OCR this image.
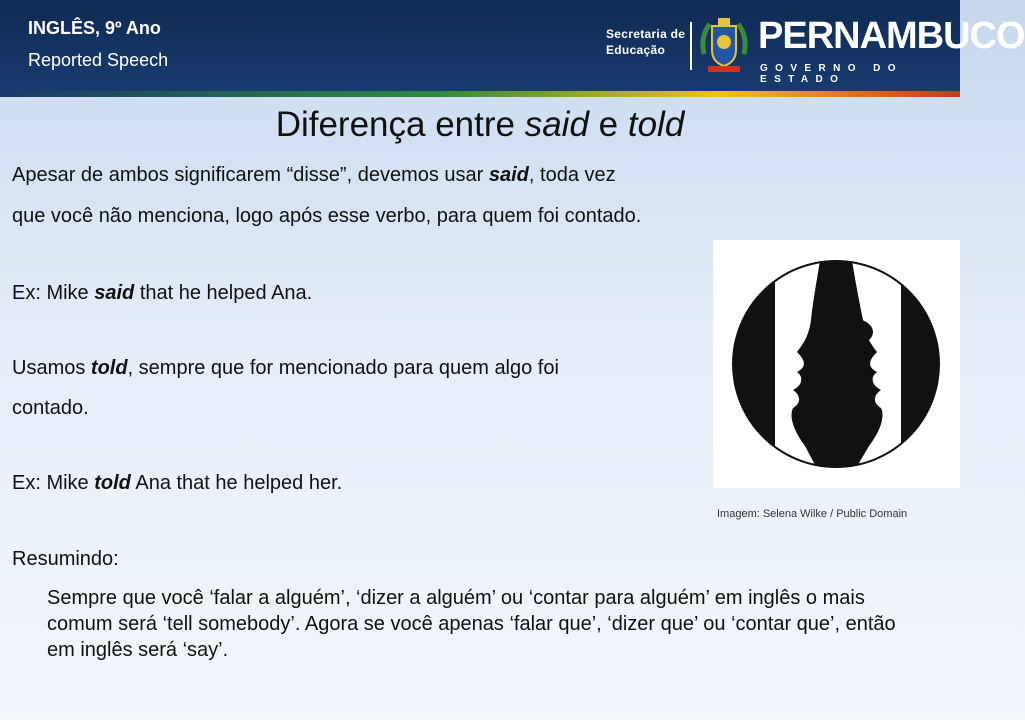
INGLÊS, 9º Ano
Reported Speech
Secretaria de
Educação	PERNAMBUCO
GOVERNO DO ESTADO
Diferença entre said e told
Apesar de ambos significarem “disse”, devemos usar said, toda vez
que você não menciona, logo após esse verbo, para quem foi contado.
Ex: Mike said that he helped Ana.
Usamos told, sempre que for mencionado para quem algo foi
contado.
Ex: Mike told Ana that he helped her.
Resumindo:
Sempre que você ‘falar a alguém’, ‘dizer a alguém’ ou ‘contar para alguém’ em inglês o mais comum será ‘tell somebody’. Agora se você apenas ‘falar que’, ‘dizer que’ ou ‘contar que’, então em inglês será ‘say’.
Imagem: Selena Wilke / Public Domain
